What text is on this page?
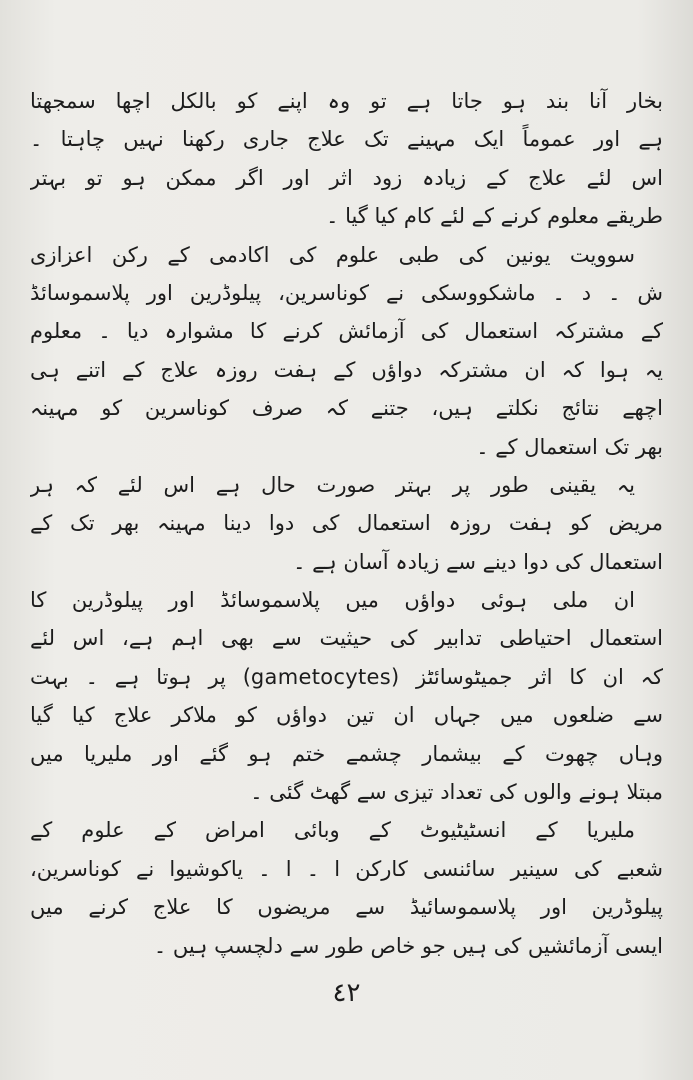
بخار آنا بند ہو جاتا ہے تو وہ اپنے کو بالکل اچھا سمجھتا
ہے اور عموماً ایک مہینے تک علاج جاری رکھنا نہیں چاہتا ۔
اس لئے علاج کے زیادہ زود اثر اور اگر ممکن ہو تو بہتر
طریقے معلوم کرنے کے لئے کام کیا گیا ۔
سوویت یونین کی طبی علوم کی اکادمی کے رکن اعزازی
ش ۔ د ۔ ماشکووسکی نے کوناسرین، پیلوڈرین اور پلاسموسائڈ
کے مشترکہ استعمال کی آزمائش کرنے کا مشوارہ دیا ۔ معلوم
یہ ہوا کہ ان مشترکہ دواؤں کے ہفت روزہ علاج کے اتنے ہی
اچھے نتائج نکلتے ہیں، جتنے کہ صرف کوناسرین کو مہینہ
بھر تک استعمال کے ۔
یہ یقینی طور پر بہتر صورت حال ہے اس لئے کہ ہر
مریض کو ہفت روزہ استعمال کی دوا دینا مہینہ بھر تک کے
استعمال کی دوا دینے سے زیادہ آسان ہے ۔
ان ملی ہوئی دواؤں میں پلاسموسائڈ اور پیلوڈرین کا
استعمال احتیاطی تدابیر کی حیثیت سے بھی اہم ہے، اس لئے
کہ ان کا اثر جمیٹوسائٹز (gametocytes) پر ہوتا ہے ۔ بہت
سے ضلعوں میں جہاں ان تین دواؤں کو ملاکر علاج کیا گیا
وہاں چھوت کے بیشمار چشمے ختم ہو گئے اور ملیریا میں
مبتلا ہونے والوں کی تعداد تیزی سے گھٹ گئی ۔
ملیریا کے انسٹیٹیوٹ کے وبائی امراض کے علوم کے
شعبے کی سینیر سائنسی کارکن ا ۔ ا ۔ یاکوشیوا نے کوناسرین،
پیلوڈرین اور پلاسموسائیڈ سے مریضوں کا علاج کرنے میں
ایسی آزمائشیں کی ہیں جو خاص طور سے دلچسپ ہیں ۔
٤٢
